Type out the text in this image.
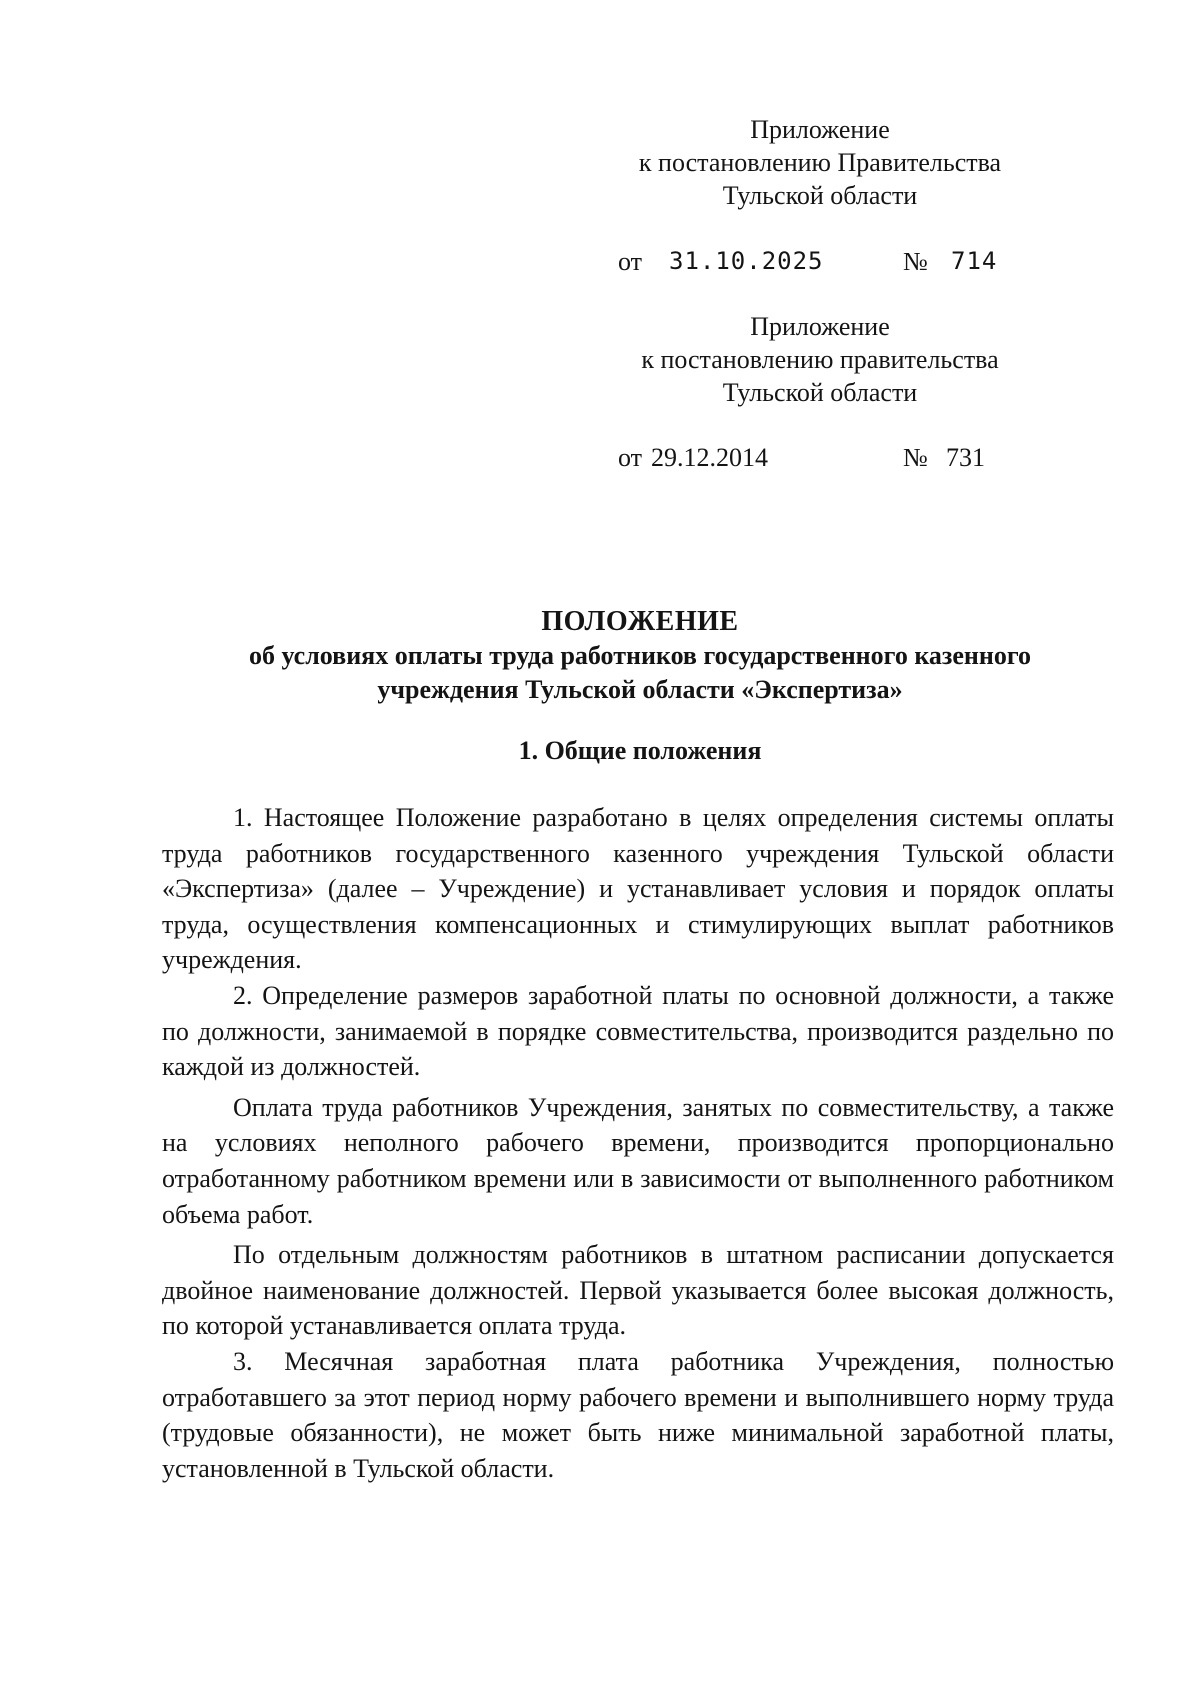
Приложение
к постановлению Правительства
Тульской области
от 31.10.2025	№ 714
Приложение
к постановлению правительства
Тульской области
от 29.12.2014	№ 731
ПОЛОЖЕНИЕ
об условиях оплаты труда работников государственного казенного
учреждения Тульской области «Экспертиза»
1. Общие положения

1. Настоящее Положение разработано в целях определения системы оплаты труда работников государственного казенного учреждения Тульской области «Экспертиза» (далее – Учреждение) и устанавливает условия и порядок оплаты труда, осуществления компенсационных и стимулирующих выплат работников учреждения.

2. Определение размеров заработной платы по основной должности, а также по должности, занимаемой в порядке совместительства, производится раздельно по каждой из должностей.

Оплата труда работников Учреждения, занятых по совместительству, а также на условиях неполного рабочего времени, производится пропорционально отработанному работником времени или в зависимости от выполненного работником объема работ.

По отдельным должностям работников в штатном расписании допускается двойное наименование должностей. Первой указывается более высокая должность, по которой устанавливается оплата труда.

3. Месячная заработная плата работника Учреждения, полностью отработавшего за этот период норму рабочего времени и выполнившего норму труда (трудовые обязанности), не может быть ниже минимальной заработной платы, установленной в Тульской области.
